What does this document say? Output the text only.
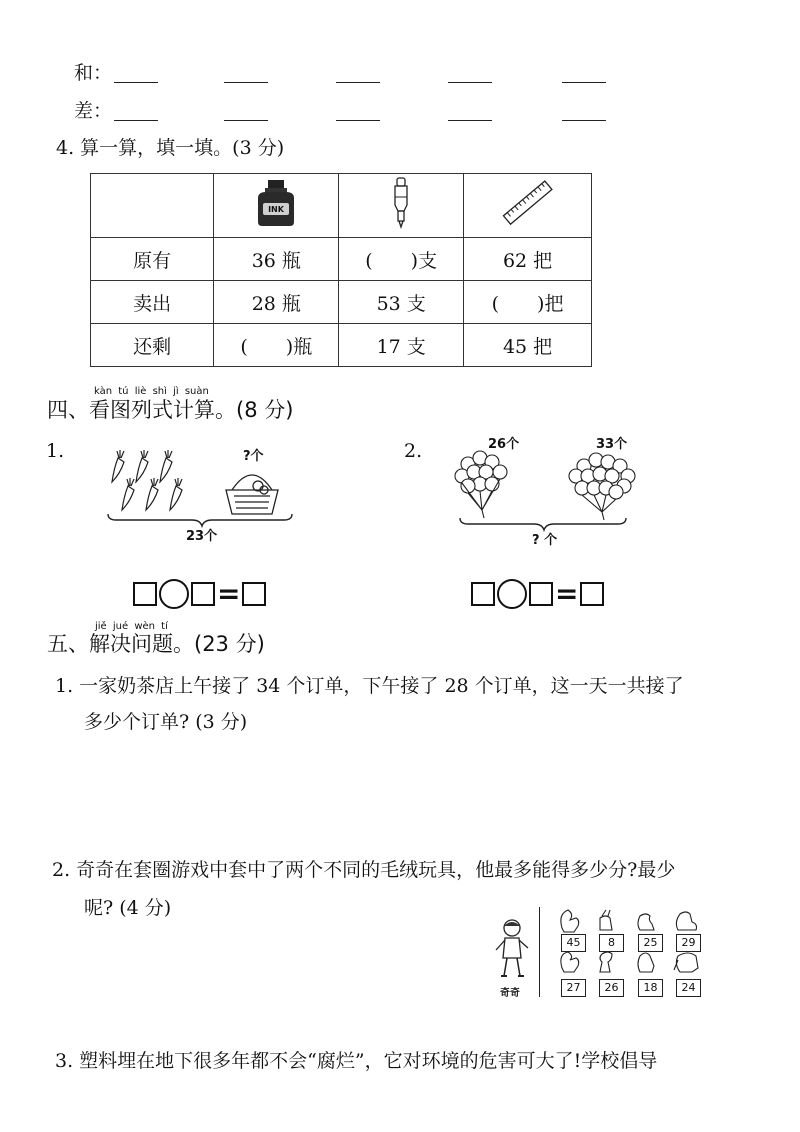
和：
差：
4. 算一算，填一填。(3 分)

INK

原有	36 瓶	(　　)支	62 把
卖出	28 瓶	53 支	(　　)把
还剩	(　　)瓶	17 支	45 把
kàn tú liè shì jì suàn
四、看图列式计算。(8 分)
1.	2.
?个
23个
26个	33个
? 个
=	=
jiě jué wèn tí
五、解决问题。(23 分)
1. 一家奶茶店上午接了 34 个订单，下午接了 28 个订单，这一天一共接了
多少个订单? (3 分)
2. 奇奇在套圈游戏中套中了两个不同的毛绒玩具，他最多能得多少分?最少
呢? (4 分)
奇奇
45	8	25	29
27	26	18	24
3. 塑料埋在地下很多年都不会“腐烂”，它对环境的危害可大了!学校倡导
